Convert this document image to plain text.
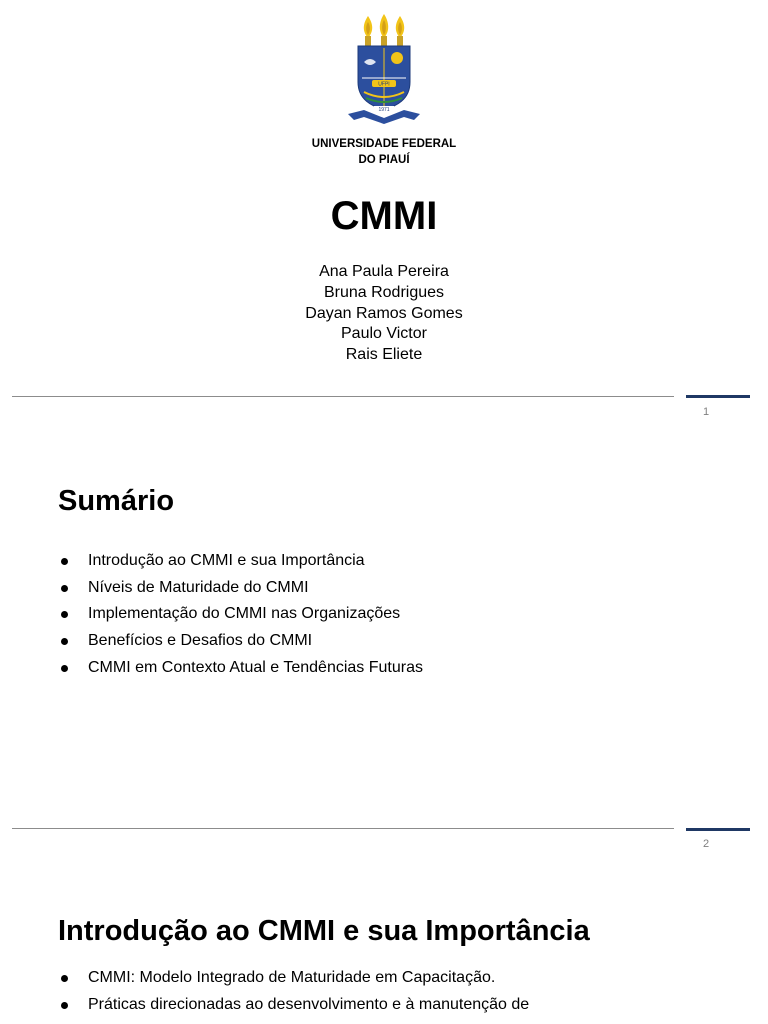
UFPI
1971
UNIVERSIDADE FEDERAL
DO PIAUÍ
CMMI
Ana Paula Pereira
Bruna Rodrigues
Dayan Ramos Gomes
Paulo Victor
Rais Eliete
1
Sumário
Introdução ao CMMI e sua Importância
Níveis de Maturidade do CMMI
Implementação do CMMI nas Organizações
Benefícios e Desafios do CMMI
CMMI em Contexto Atual e Tendências Futuras
2
Introdução ao CMMI e sua Importância
CMMI: Modelo Integrado de Maturidade em Capacitação.
Práticas direcionadas ao desenvolvimento e à manutenção de
